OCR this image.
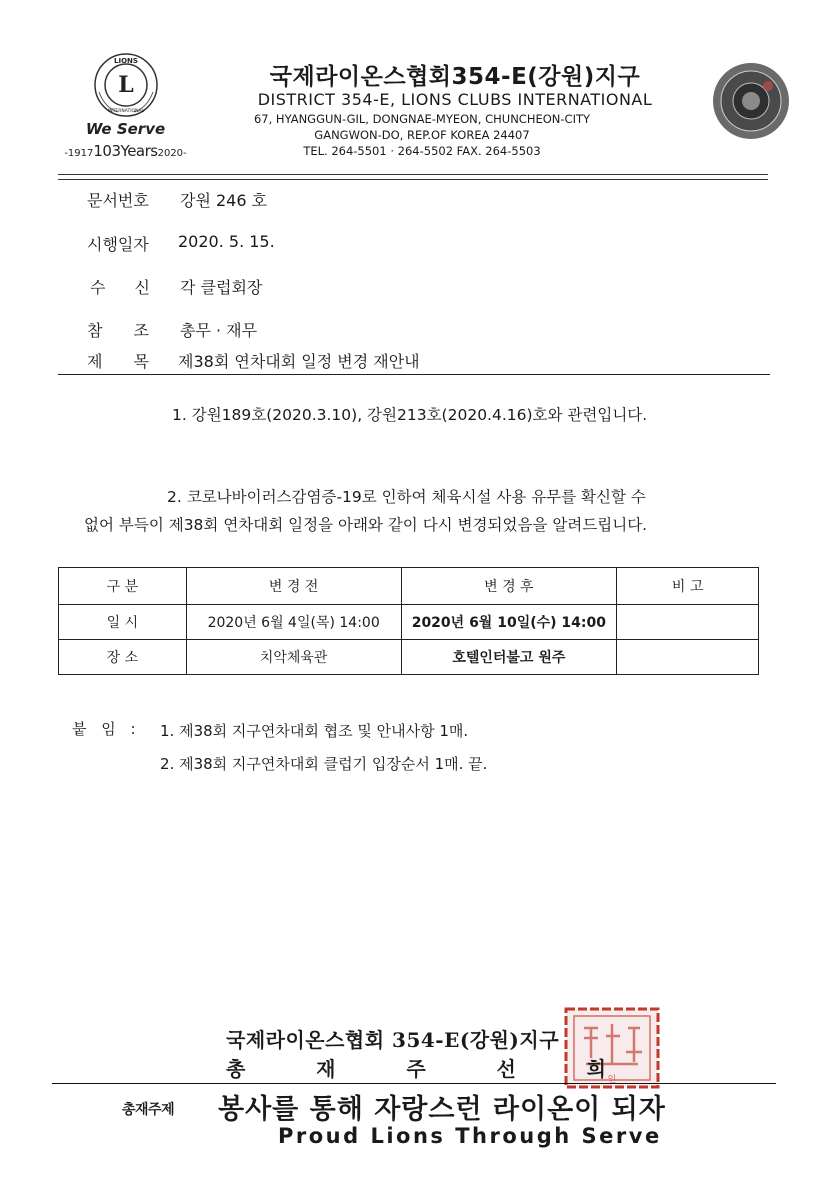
L
LIONS
INTERNATIONAL
We Serve
-1917103Years2020-
국제라이온스협회354-E(강원)지구
DISTRICT 354-E, LIONS CLUBS INTERNATIONAL
67, HYANGGUN-GIL, DONGNAE-MYEON, CHUNCHEON-CITY
GANGWON-DO, REP.OF KOREA 24407
TEL. 264-5501 · 264-5502 FAX. 264-5503
문서번호	강원 246 호
시행일자	2020. 5. 15.
수 신 각 클럽회장
참 조 총무 · 재무
제 목 제38회 연차대회 일정 변경 재안내
1. 강원189호(2020.3.10), 강원213호(2020.4.16)호와 관련입니다.
2. 코로나바이러스감염증-19로 인하여 체육시설 사용 유무를 확신할 수
없어 부득이 제38회 연차대회 일정을 아래와 같이 다시 변경되었음을 알려드립니다.
구 분	변 경 전	변 경 후	비 고
일 시	2020년 6월 4일(목) 14:00	2020년 6월 10일(수) 14:00	
장 소	치악체육관	호텔인터불고 원주	
붙 임 : 1. 제38회 지구연차대회 협조 및 안내사항 1매.
2. 제38회 지구연차대회 클럽기 입장순서 1매. 끝.
인
국제라이온스협회 354-E(강원)지구
총	재	주	선	희
총재주제 봉사를 통해 자랑스런 라이온이 되자
Proud Lions Through Serve
